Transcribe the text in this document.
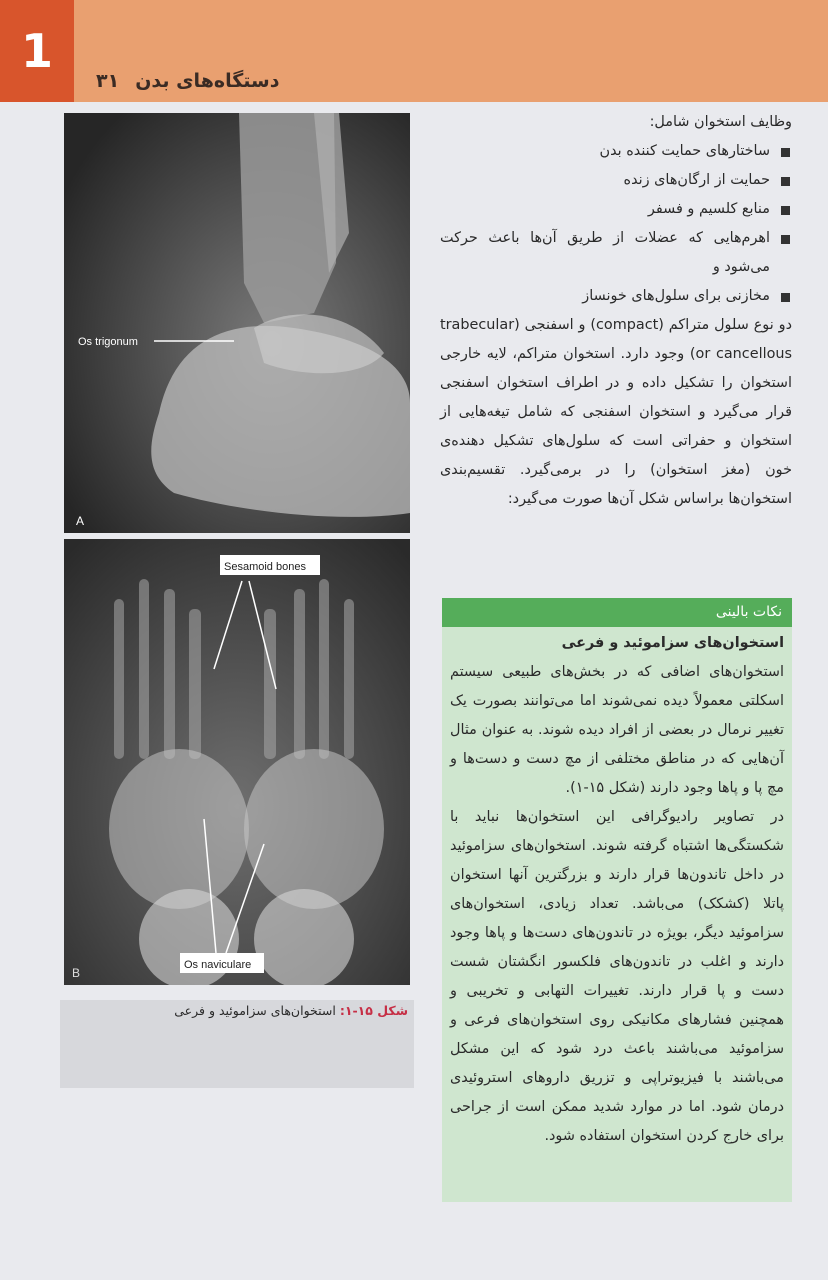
1
دستگاه‌های بدن
۳۱
Os trigonum
A
Sesamoid bones
Os naviculare
B
شکل ۱۵-۱: استخوان‌های سزاموئید و فرعی

وظایف استخوان شامل:

ساختارهای حمایت کننده بدن
حمایت از ارگان‌های زنده
منابع کلسیم و فسفر
اهرم‌هایی که عضلات از طریق آن‌ها باعث حرکت می‌شود و
مخازنی برای سلول‌های خونساز

دو نوع سلول متراکم (compact) و اسفنجی (trabecular or cancellous) وجود دارد. استخوان متراکم، لایه خارجی استخوان را تشکیل داده و در اطراف استخوان اسفنجی قرار می‌گیرد و استخوان اسفنجی که شامل تیغه‌هایی از استخوان و حفراتی است که سلول‌های تشکیل دهنده‌ی خون (مغز استخوان) را در برمی‌گیرد. تقسیم‌بندی استخوان‌ها براساس شکل آن‌ها صورت می‌گیرد:

نکات بالینی

استخوان‌های سزاموئید و فرعی

استخوان‌های اضافی که در بخش‌های طبیعی سیستم اسکلتی معمولاً دیده نمی‌شوند اما می‌توانند بصورت یک تغییر نرمال در بعضی از افراد دیده شوند. به عنوان مثال آن‌هایی که در مناطق مختلفی از مچ دست و دست‌ها و مچ پا و پاها وجود دارند (شکل ۱۵-۱).

در تصاویر رادیوگرافی این استخوان‌ها نباید با شکستگی‌ها اشتباه گرفته شوند. استخوان‌های سزاموئید در داخل تاندون‌ها قرار دارند و بزرگترین آنها استخوان پاتلا (کشکک) می‌باشد. تعداد زیادی، استخوان‌های سزاموئید دیگر، بویژه در تاندون‌های دست‌ها و پاها وجود دارند و اغلب در تاندون‌های فلکسور انگشتان شست دست و پا قرار دارند. تغییرات التهابی و تخریبی و همچنین فشارهای مکانیکی روی استخوان‌های فرعی و سزاموئید می‌باشند باعث درد شود که این مشکل می‌باشند با فیزیوتراپی و تزریق داروهای استروئیدی درمان شود. اما در موارد شدید ممکن است از جراحی برای خارج کردن استخوان استفاده شود.
